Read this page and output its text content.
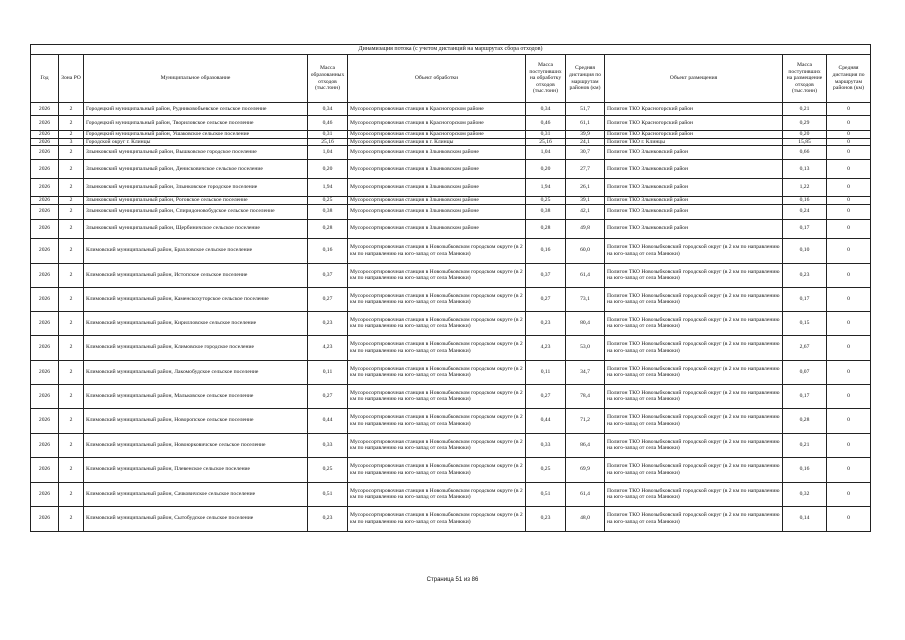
Динамизация потока (с учетом дистанций на маршрутах сбора отходов)
Год	Зона РО	Муниципальное образование	Масса образованных отходов (тыс.тонн)	Объект обработки	Масса поступивших на обработку отходов (тыс.тонн)	Средняя дистанция по маршрутам районов (км)	Объект размещения	Масса поступивших на размещение отходов (тыс.тонн)	Средняя дистанция по маршрутам районов (км)
2026	2	Городецкий муниципальный район, Рудниковобьевское сельское поселение	0,34	Мусоросортировочная станция в Красногорском районе	0,34	51,7	Полигон ТКО Красногорский район	0,21	0
2026	2	Городецкий муниципальный район, Твориловское сельское поселение	0,46	Мусоросортировочная станция в Красногорском районе	0,46	61,1	Полигон ТКО Красногорский район	0,29	0
2026	2	Городецкий муниципальный район, Ушаковское сельское поселение	0,31	Мусоросортировочная станция в Красногорском районе	0,31	39,9	Полигон ТКО Красногорский район	0,20	0
2026	3	Городской округ г. Клинцы	25,16	Мусоросортировочная станция в г. Клинцы	25,16	24,1	Полигон ТКО г. Клинцы	15,85	0
2026	2	Злынковский муниципальный район, Вышковское городское поселение	1,04	Мусоросортировочная станция в Злынковском районе	1,04	30,7	Полигон ТКО Злынковский район	0,66	0
2026	2	Злынковский муниципальный район, Денисковичское сельское поселение	0,20	Мусоросортировочная станция в Злынковском районе	0,20	27,7	Полигон ТКО Злынковский район	0,13	0
2026	2	Злынковский муниципальный район, Злынковское городское поселение	1,94	Мусоросортировочная станция в Злынковском районе	1,94	26,1	Полигон ТКО Злынковский район	1,22	0
2026	2	Злынковский муниципальный район, Роговское сельское поселение	0,25	Мусоросортировочная станция в Злынковском районе	0,25	39,1	Полигон ТКО Злынковский район	0,16	0
2026	2	Злынковский муниципальный район, Спиридоновобудское сельское поселение	0,38	Мусоросортировочная станция в Злынковском районе	0,38	42,1	Полигон ТКО Злынковский район	0,24	0
2026	2	Злынковский муниципальный район, Щербиничское сельское поселение	0,28	Мусоросортировочная станция в Злынковском районе	0,28	49,8	Полигон ТКО Злынковский район	0,17	0
2026	2	Климовский муниципальный район, Брахловское сельское поселение	0,16	Мусоросортировочная станция в Новозыбковском городском округе (в 2 км по направлению на юго-запад от села Манюки)	0,16	60,0	Полигон ТКО Новозыбковский городской округ (в 2 км по направлению на юго-запад от села Манюки)	0,10	0
2026	2	Климовский муниципальный район, Истопское сельское поселение	0,37	Мусоросортировочная станция в Новозыбковском городском округе (в 2 км по направлению на юго-запад от села Манюки)	0,37	61,4	Полигон ТКО Новозыбковский городской округ (в 2 км по направлению на юго-запад от села Манюки)	0,23	0
2026	2	Климовский муниципальный район, Каменскохуторское сельское поселение	0,27	Мусоросортировочная станция в Новозыбковском городском округе (в 2 км по направлению на юго-запад от села Манюки)	0,27	73,1	Полигон ТКО Новозыбковский городской округ (в 2 км по направлению на юго-запад от села Манюки)	0,17	0
2026	2	Климовский муниципальный район, Кирилловское сельское поселение	0,23	Мусоросортировочная станция в Новозыбковском городском округе (в 2 км по направлению на юго-запад от села Манюки)	0,23	80,4	Полигон ТКО Новозыбковский городской округ (в 2 км по направлению на юго-запад от села Манюки)	0,15	0
2026	2	Климовский муниципальный район, Климовское городское поселение	4,23	Мусоросортировочная станция в Новозыбковском городском округе (в 2 км по направлению на юго-запад от села Манюки)	4,23	53,0	Полигон ТКО Новозыбковский городской округ (в 2 км по направлению на юго-запад от села Манюки)	2,67	0
2026	2	Климовский муниципальный район, Лакомобудское сельское поселение	0,11	Мусоросортировочная станция в Новозыбковском городском округе (в 2 км по направлению на юго-запад от села Манюки)	0,11	34,7	Полигон ТКО Новозыбковский городской округ (в 2 км по направлению на юго-запад от села Манюки)	0,07	0
2026	2	Климовский муниципальный район, Мальковское сельское поселение	0,27	Мусоросортировочная станция в Новозыбковском городском округе (в 2 км по направлению на юго-запад от села Манюки)	0,27	78,4	Полигон ТКО Новозыбковский городской округ (в 2 км по направлению на юго-запад от села Манюки)	0,17	0
2026	2	Климовский муниципальный район, Новоропское сельское поселение	0,44	Мусоросортировочная станция в Новозыбковском городском округе (в 2 км по направлению на юго-запад от села Манюки)	0,44	71,2	Полигон ТКО Новозыбковский городской округ (в 2 км по направлению на юго-запад от села Манюки)	0,28	0
2026	2	Климовский муниципальный район, Новоюрковичское сельское поселение	0,33	Мусоросортировочная станция в Новозыбковском городском округе (в 2 км по направлению на юго-запад от села Манюки)	0,33	86,4	Полигон ТКО Новозыбковский городской округ (в 2 км по направлению на юго-запад от села Манюки)	0,21	0
2026	2	Климовский муниципальный район, Плевенское сельское поселение	0,25	Мусоросортировочная станция в Новозыбковском городском округе (в 2 км по направлению на юго-запад от села Манюки)	0,25	69,9	Полигон ТКО Новозыбковский городской округ (в 2 км по направлению на юго-запад от села Манюки)	0,16	0
2026	2	Климовский муниципальный район, Сачковичское сельское поселение	0,51	Мусоросортировочная станция в Новозыбковском городском округе (в 2 км по направлению на юго-запад от села Манюки)	0,51	61,4	Полигон ТКО Новозыбковский городской округ (в 2 км по направлению на юго-запад от села Манюки)	0,32	0
2026	2	Климовский муниципальный район, Сытобудское сельское поселение	0,23	Мусоросортировочная станция в Новозыбковском городском округе (в 2 км по направлению на юго-запад от села Манюки)	0,23	48,0	Полигон ТКО Новозыбковский городской округ (в 2 км по направлению на юго-запад от села Манюки)	0,14	0
Страница 51 из 86
